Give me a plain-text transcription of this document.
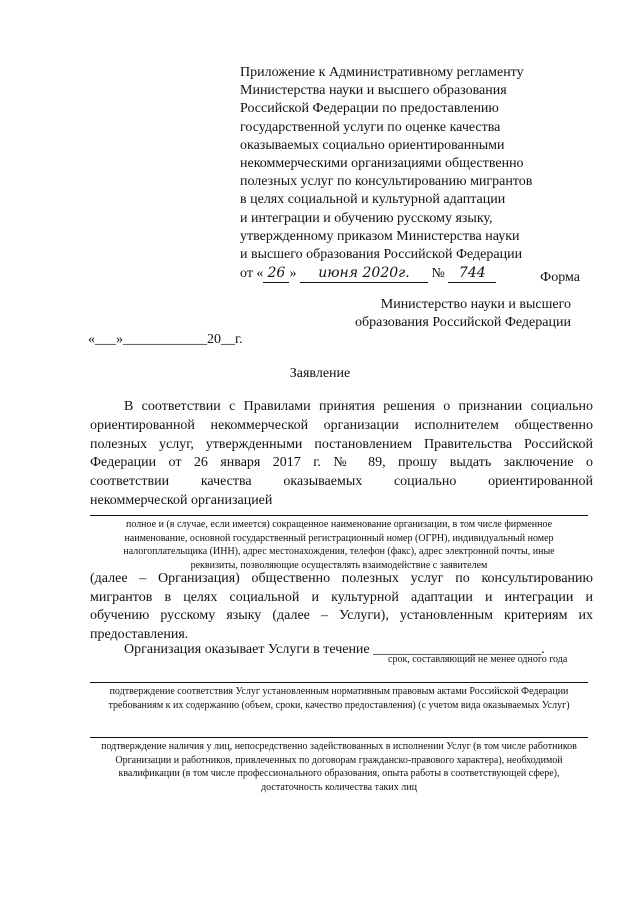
Приложение к Административному регламенту
Министерства науки и высшего образования
Российской Федерации по предоставлению
государственной услуги по оценке качества
оказываемых социально ориентированными
некоммерческими организациями общественно
полезных услуг по консультированию мигрантов
в целях социальной и культурной адаптации
и интеграции и обучению русскому языку,
утвержденному приказом Министерства науки
и высшего образования Российской Федерации
от « 26 » июня 2020г. № 744	Форма
Министерство науки и высшего
образования Российской Федерации
«___»____________20__г.
Заявление

В соответствии с Правилами принятия решения о признании социально

ориентированной некоммерческой организации исполнителем общественно

полезных услуг, утвержденными постановлением Правительства Российской

Федерации от 26 января 2017 г. № 89, прошу выдать заключение о

соответствии качества оказываемых социально ориентированной

некоммерческой организацией

полное и (в случае, если имеется) сокращенное наименование организации, в том числе фирменное наименование, основной государственный регистрационный номер (ОГРН), индивидуальный номер налогоплательщика (ИНН), адрес местонахождения, телефон (факс), адрес электронной почты, иные реквизиты, позволяющие осуществлять взаимодействие с заявителем

(далее – Организация) общественно полезных услуг по консультированию

мигрантов в целях социальной и культурной адаптации и интеграции и

обучению русскому языку (далее – Услуги), установленным критериям их

предоставления.

Организация оказывает Услуги в течение ________________________.
срок, составляющий не менее одного года
подтверждение соответствия Услуг установленным нормативным правовым актами Российской Федерации требованиям к их содержанию (объем, сроки, качество предоставления) (с учетом вида оказываемых Услуг)
подтверждение наличия у лиц, непосредственно задействованных в исполнении Услуг (в том числе работников Организации и работников, привлеченных по договорам гражданско-правового характера), необходимой квалификации (в том числе профессионального образования, опыта работы в соответствующей сфере), достаточность количества таких лиц
